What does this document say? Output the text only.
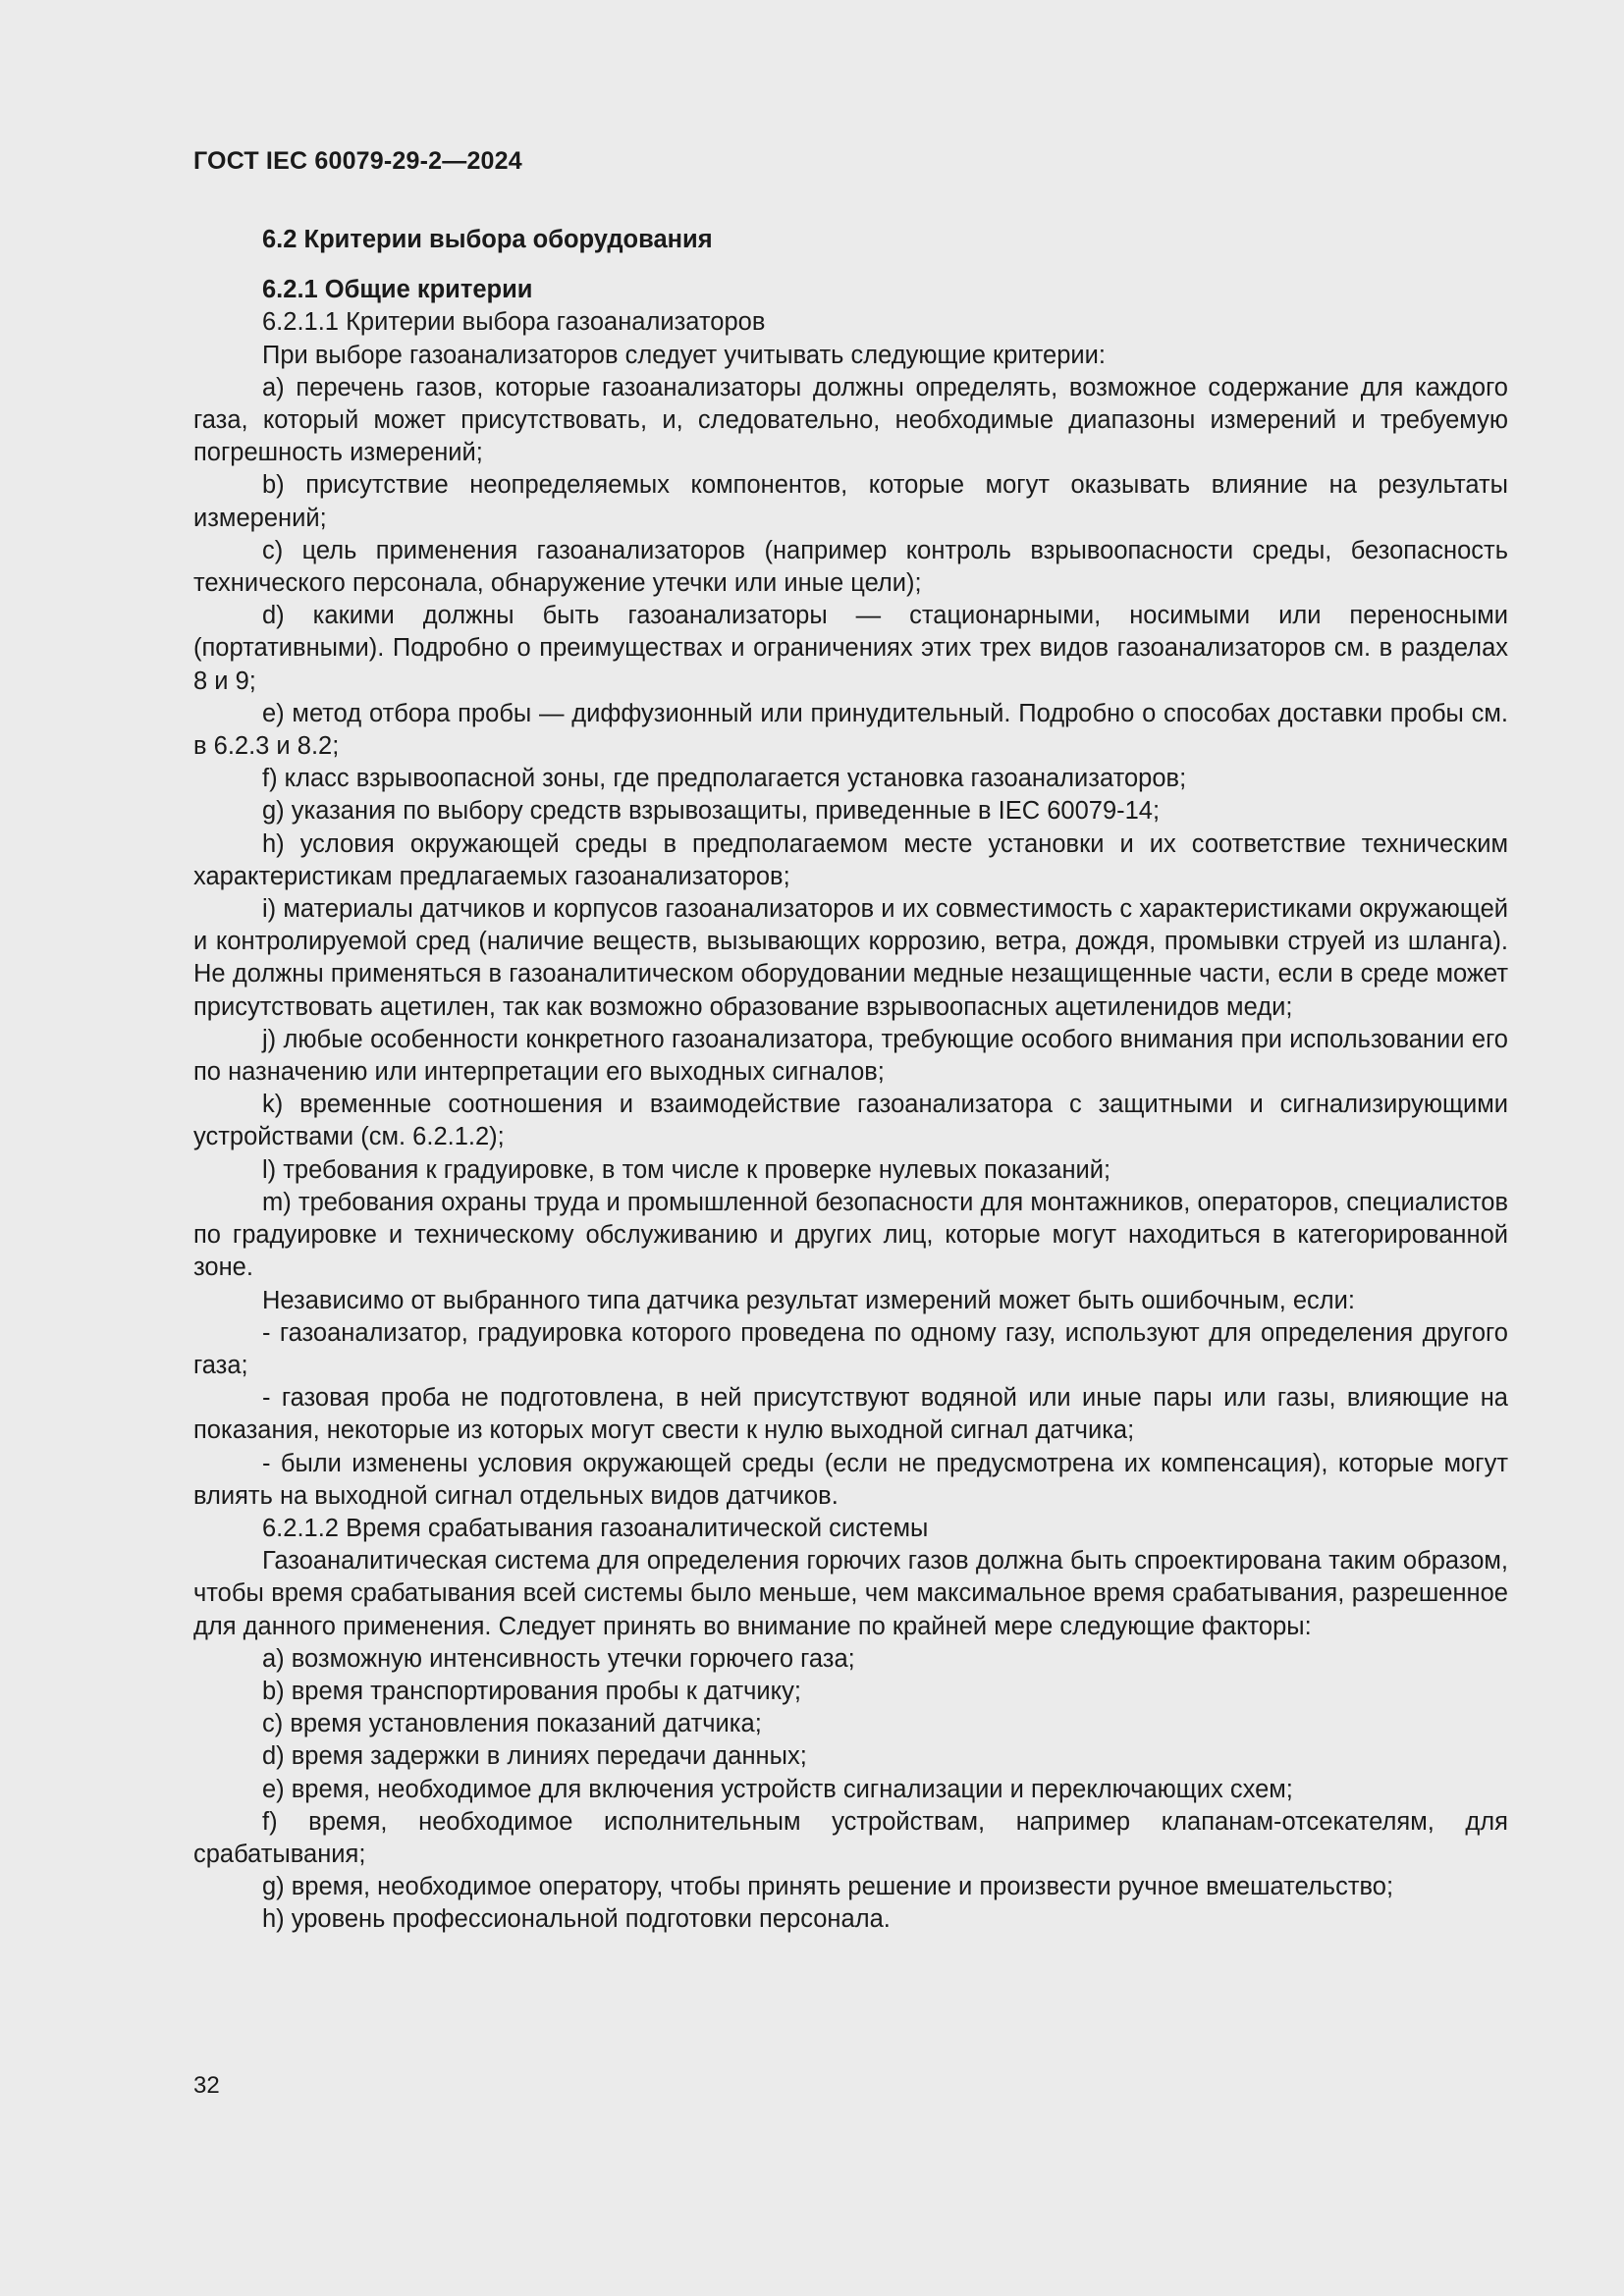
ГОСТ IEC 60079-29-2—2024

6.2 Критерии выбора оборудования

6.2.1 Общие критерии

6.2.1.1 Критерии выбора газоанализаторов

При выборе газоанализаторов следует учитывать следующие критерии:

a) перечень газов, которые газоанализаторы должны определять, возможное содержание для каждого газа, который может присутствовать, и, следовательно, необходимые диапазоны измерений и требуемую погрешность измерений;

b) присутствие неопределяемых компонентов, которые могут оказывать влияние на результаты измерений;

c) цель применения газоанализаторов (например контроль взрывоопасности среды, безопасность технического персонала, обнаружение утечки или иные цели);

d) какими должны быть газоанализаторы — стационарными, носимыми или переносными (портативными). Подробно о преимуществах и ограничениях этих трех видов газоанализаторов см. в разделах 8 и 9;

e) метод отбора пробы — диффузионный или принудительный. Подробно о способах доставки пробы см. в 6.2.3 и 8.2;

f) класс взрывоопасной зоны, где предполагается установка газоанализаторов;

g) указания по выбору средств взрывозащиты, приведенные в IEC 60079-14;

h) условия окружающей среды в предполагаемом месте установки и их соответствие техническим характеристикам предлагаемых газоанализаторов;

i) материалы датчиков и корпусов газоанализаторов и их совместимость с характеристиками окружающей и контролируемой сред (наличие веществ, вызывающих коррозию, ветра, дождя, промывки струей из шланга). Не должны применяться в газоаналитическом оборудовании медные незащищенные части, если в среде может присутствовать ацетилен, так как возможно образование взрывоопасных ацетиленидов меди;

j) любые особенности конкретного газоанализатора, требующие особого внимания при использовании его по назначению или интерпретации его выходных сигналов;

k) временные соотношения и взаимодействие газоанализатора с защитными и сигнализирующими устройствами (см. 6.2.1.2);

l) требования к градуировке, в том числе к проверке нулевых показаний;

m) требования охраны труда и промышленной безопасности для монтажников, операторов, специалистов по градуировке и техническому обслуживанию и других лиц, которые могут находиться в категорированной зоне.

Независимо от выбранного типа датчика результат измерений может быть ошибочным, если:

- газоанализатор, градуировка которого проведена по одному газу, используют для определения другого газа;

- газовая проба не подготовлена, в ней присутствуют водяной или иные пары или газы, влияющие на показания, некоторые из которых могут свести к нулю выходной сигнал датчика;

- были изменены условия окружающей среды (если не предусмотрена их компенсация), которые могут влиять на выходной сигнал отдельных видов датчиков.

6.2.1.2 Время срабатывания газоаналитической системы

Газоаналитическая система для определения горючих газов должна быть спроектирована таким образом, чтобы время срабатывания всей системы было меньше, чем максимальное время срабатывания, разрешенное для данного применения. Следует принять во внимание по крайней мере следующие факторы:

a) возможную интенсивность утечки горючего газа;

b) время транспортирования пробы к датчику;

c) время установления показаний датчика;

d) время задержки в линиях передачи данных;

e) время, необходимое для включения устройств сигнализации и переключающих схем;

f) время, необходимое исполнительным устройствам, например клапанам-отсекателям, для срабатывания;

g) время, необходимое оператору, чтобы принять решение и произвести ручное вмешательство;

h) уровень профессиональной подготовки персонала.

32
